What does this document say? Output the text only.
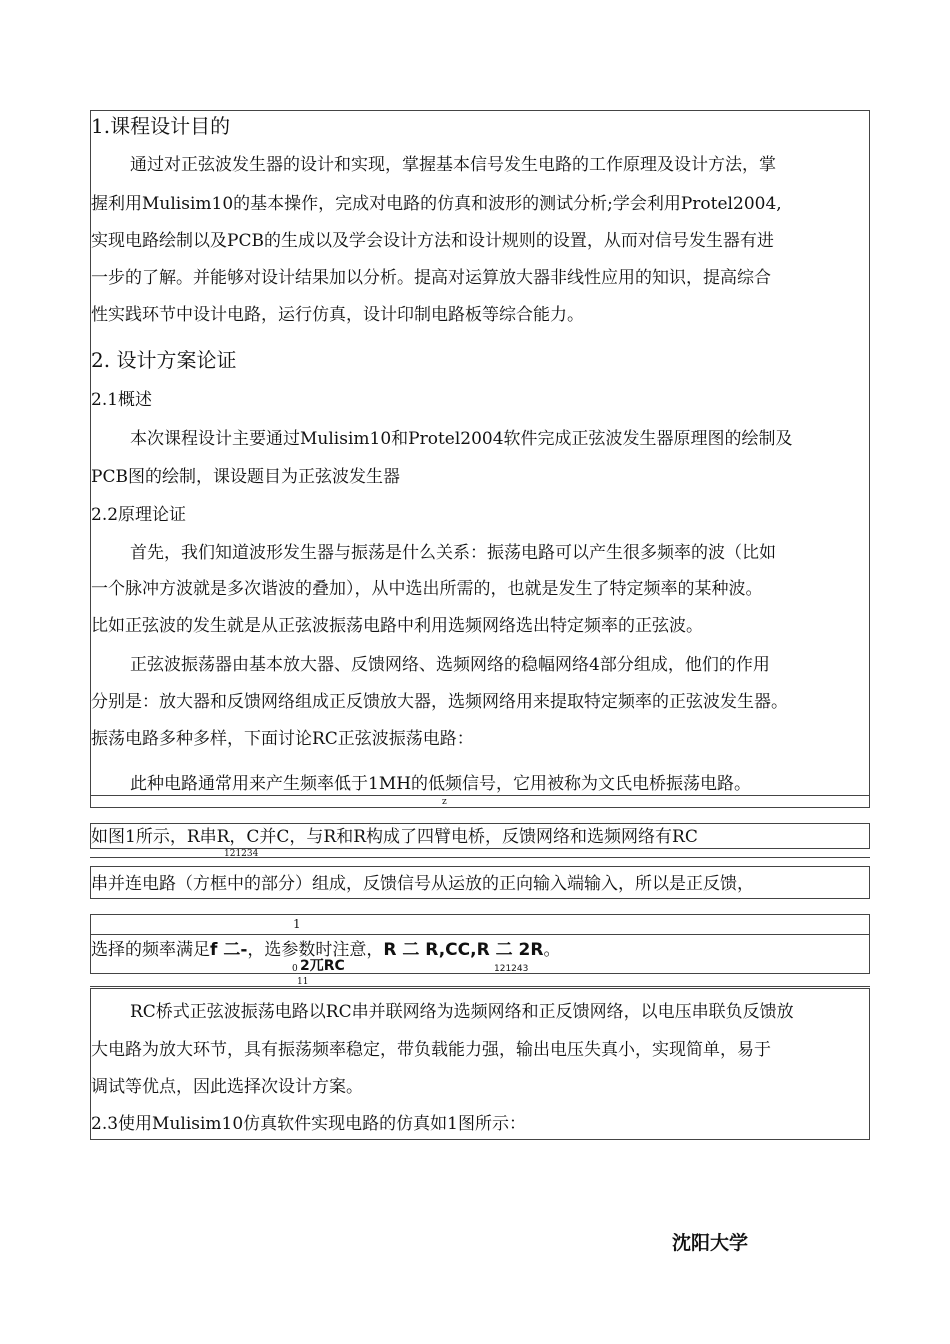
1.课程设计目的
通过对正弦波发生器的设计和实现，掌握基本信号发生电路的工作原理及设计方法，掌
握利用Mulisim10的基本操作，完成对电路的仿真和波形的测试分析;学会利用Protel2004,
实现电路绘制以及PCB的生成以及学会设计方法和设计规则的设置，从而对信号发生器有进
一步的了解。并能够对设计结果加以分析。提高对运算放大器非线性应用的知识，提高综合
性实践环节中设计电路，运行仿真，设计印制电路板等综合能力。
2. 设计方案论证
2.1概述
本次课程设计主要通过Mulisim10和Protel2004软件完成正弦波发生器原理图的绘制及
PCB图的绘制，课设题目为正弦波发生器
2.2原理论证
首先，我们知道波形发生器与振荡是什么关系：振荡电路可以产生很多频率的波（比如
一个脉冲方波就是多次谐波的叠加），从中选出所需的，也就是发生了特定频率的某种波。
比如正弦波的发生就是从正弦波振荡电路中利用选频网络选出特定频率的正弦波。
正弦波振荡器由基本放大器、反馈网络、选频网络的稳幅网络4部分组成，他们的作用
分别是：放大器和反馈网络组成正反馈放大器，选频网络用来提取特定频率的正弦波发生器。
振荡电路多种多样，下面讨论RC正弦波振荡电路：
此种电路通常用来产生频率低于1MH的低频信号，它用被称为文氏电桥振荡电路。
z
如图1所示，R串R，C并C，与R和R构成了四臂电桥，反馈网络和选频网络有RC
121234
串并连电路（方框中的部分）组成，反馈信号从运放的正向输入端输入，所以是正反馈，
1
选择的频率满足f 二-，选参数时注意，R 二 R,CC,R 二 2R。
0 2兀RC	121243
11
RC桥式正弦波振荡电路以RC串并联网络为选频网络和正反馈网络，以电压串联负反馈放
大电路为放大环节，具有振荡频率稳定，带负载能力强，输出电压失真小，实现简单，易于
调试等优点，因此选择次设计方案。
2.3使用Mulisim10仿真软件实现电路的仿真如1图所示：
沈阳大学
